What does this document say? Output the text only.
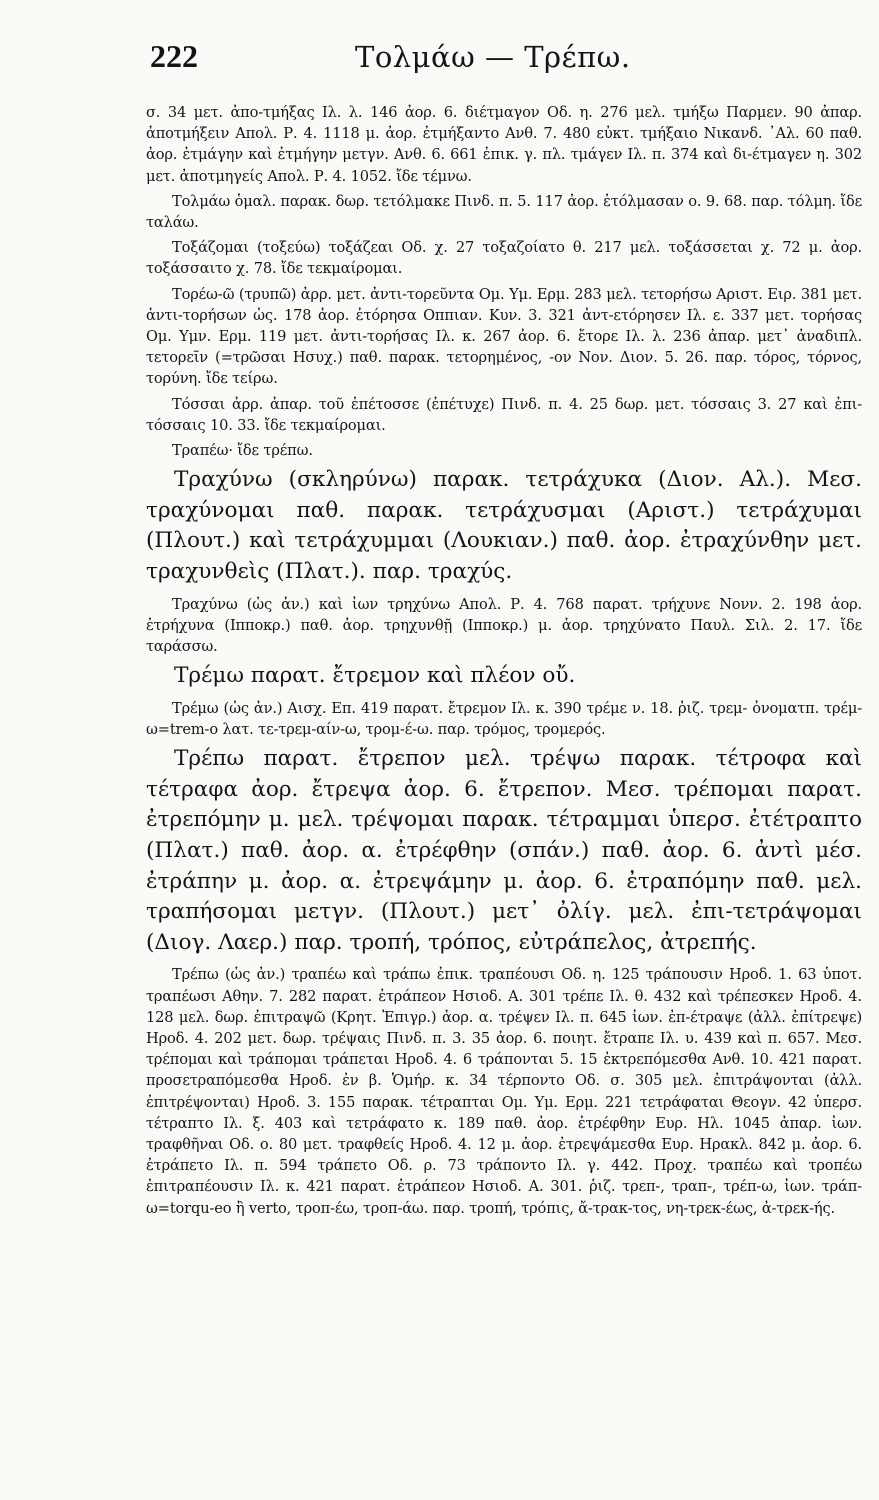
222	Τολμάω — Τρέπω.

σ. 34 μετ. ἀπο-τμήξας Ιλ. λ. 146 ἀορ. 6. διέτμαγον Οδ. η. 276 μελ. τμήξω Παρμεν. 90 ἀπαρ. ἀποτμήξειν Απολ. Ρ. 4. 1118 μ. ἀορ. ἐτμήξαντο Ανθ. 7. 480 εὐκτ. τμήξαιο Νικανδ. ᾽Αλ. 60 παθ. ἀορ. ἐτμάγην καὶ ἐτμήγην μετγν. Ανθ. 6. 661 ἐπικ. γ. πλ. τμάγεν Ιλ. π. 374 καὶ δι-έτμαγεν η. 302 μετ. ἀποτμηγείς Απολ. Ρ. 4. 1052. ἴδε τέμνω.

Τολμάω ὁμαλ. παρακ. δωρ. τετόλμακε Πινδ. π. 5. 117 ἀορ. ἐτόλμασαν ο. 9. 68. παρ. τόλμη. ἴδε ταλάω.

Τοξάζομαι (τοξεύω) τοξάζεαι Οδ. χ. 27 τοξαζοίατο θ. 217 μελ. τοξάσσεται χ. 72 μ. ἀορ. τοξάσσαιτο χ. 78. ἴδε τεκμαίρομαι.

Τορέω-ῶ (τρυπῶ) ἀρρ. μετ. ἀντι-τορεῦντα Ομ. Υμ. Ερμ. 283 μελ. τετορήσω Αριστ. Ειρ. 381 μετ. ἀντι-τορήσων ὡς. 178 ἀορ. ἐτόρησα Οππιαν. Κυν. 3. 321 ἀντ-ετόρησεν Ιλ. ε. 337 μετ. τορήσας Ομ. Υμν. Ερμ. 119 μετ. ἀντι-τορήσας Ιλ. κ. 267 ἀορ. 6. ἔτορε Ιλ. λ. 236 ἀπαρ. μετ᾽ ἀναδιπλ. τετορεῖν (=τρῶσαι Ησυχ.) παθ. παρακ. τετορημένος, -ον Νον. Διον. 5. 26. παρ. τόρος, τόρνος, τορύνη. ἴδε τείρω.

Τόσσαι ἀρρ. ἀπαρ. τοῦ ἐπέτοσσε (ἐπέτυχε) Πινδ. π. 4. 25 δωρ. μετ. τόσσαις 3. 27 καὶ ἐπι-τόσσαις 10. 33. ἴδε τεκμαίρομαι.

Τραπέω· ἴδε τρέπω.

Τραχύνω (σκληρύνω) παρακ. τετράχυκα (Διον. Αλ.). Μεσ. τραχύνομαι παθ. παρακ. τετράχυσμαι (Αριστ.) τετράχυμαι (Πλουτ.) καὶ τετράχυμμαι (Λουκιαν.) παθ. ἀορ. ἐτραχύνθην μετ. τραχυνθεὶς (Πλατ.). παρ. τραχύς.

Τραχύνω (ὡς ἀν.) καὶ ἰων τρηχύνω Απολ. Ρ. 4. 768 παρατ. τρήχυνε Νονν. 2. 198 ἀορ. ἐτρήχυνα (Ιπποκρ.) παθ. ἀορ. τρηχυνθῇ (Ιπποκρ.) μ. ἀορ. τρηχύνατο Παυλ. Σιλ. 2. 17. ἴδε ταράσσω.

Τρέμω παρατ. ἔτρεμον καὶ πλέον οὔ.

Τρέμω (ὡς ἀν.) Αισχ. Επ. 419 παρατ. ἔτρεμον Ιλ. κ. 390 τρέμε ν. 18. ῥιζ. τρεμ- ὀνοματπ. τρέμ-ω=trem-o λατ. τε-τρεμ-αίν-ω, τρομ-έ-ω. παρ. τρόμος, τρομερός.

Τρέπω παρατ. ἔτρεπον μελ. τρέψω παρακ. τέτροφα καὶ τέτραφα ἀορ. ἔτρεψα ἀορ. 6. ἔτρεπον. Μεσ. τρέπομαι παρατ. ἐτρεπόμην μ. μελ. τρέψομαι παρακ. τέτραμμαι ὑπερσ. ἐτέτραπτο (Πλατ.) παθ. ἀορ. α. ἐτρέφθην (σπάν.) παθ. ἀορ. 6. ἀντὶ μέσ. ἐτράπην μ. ἀορ. α. ἐτρεψάμην μ. ἀορ. 6. ἐτραπόμην παθ. μελ. τραπήσομαι μετγν. (Πλουτ.) μετ᾽ ὀλίγ. μελ. ἐπι-τετράψομαι (Διογ. Λαερ.) παρ. τροπή, τρόπος, εὐτράπελος, ἀτρεπής.

Τρέπω (ὡς ἀν.) τραπέω καὶ τράπω ἐπικ. τραπέουσι Οδ. η. 125 τράπουσιν Ηροδ. 1. 63 ὑποτ. τραπέωσι Αθην. 7. 282 παρατ. ἐτράπεον Ησιοδ. Α. 301 τρέπε Ιλ. θ. 432 καὶ τρέπεσκεν Ηροδ. 4. 128 μελ. δωρ. ἐπιτραψῶ (Κρητ. Ἐπιγρ.) ἀορ. α. τρέψεν Ιλ. π. 645 ἰων. ἐπ-έτραψε (ἀλλ. ἐπίτρεψε) Ηροδ. 4. 202 μετ. δωρ. τρέψαις Πινδ. π. 3. 35 ἀορ. 6. ποιητ. ἔτραπε Ιλ. υ. 439 καὶ π. 657. Μεσ. τρέπομαι καὶ τράπομαι τράπεται Ηροδ. 4. 6 τράπονται 5. 15 ἐκτρεπόμεσθα Ανθ. 10. 421 παρατ. προσετραπόμεσθα Ηροδ. ἐν β. Ὁμήρ. κ. 34 τέρποντο Οδ. σ. 305 μελ. ἐπιτράψονται (ἀλλ. ἐπιτρέψονται) Ηροδ. 3. 155 παρακ. τέτραπται Ομ. Υμ. Ερμ. 221 τετράφαται Θεογν. 42 ὑπερσ. τέτραπτο Ιλ. ξ. 403 καὶ τετράφατο κ. 189 παθ. ἀορ. ἐτρέφθην Ευρ. Ηλ. 1045 ἀπαρ. ἰων. τραφθῆναι Οδ. ο. 80 μετ. τραφθείς Ηροδ. 4. 12 μ. ἀορ. ἐτρεψάμεσθα Ευρ. Ηρακλ. 842 μ. ἀορ. 6. ἐτράπετο Ιλ. π. 594 τράπετο Οδ. ρ. 73 τράποντο Ιλ. γ. 442. Προχ. τραπέω καὶ τροπέω ἐπιτραπέουσιν Ιλ. κ. 421 παρατ. ἐτράπεον Ησιοδ. Α. 301. ῥιζ. τρεπ-, τραπ-, τρέπ-ω, ἰων. τράπ-ω=torqu-eo ἢ verto, τροπ-έω, τροπ-άω. παρ. τροπή, τρόπις, ἄ-τρακ-τος, νη-τρεκ-έως, ἀ-τρεκ-ής.
